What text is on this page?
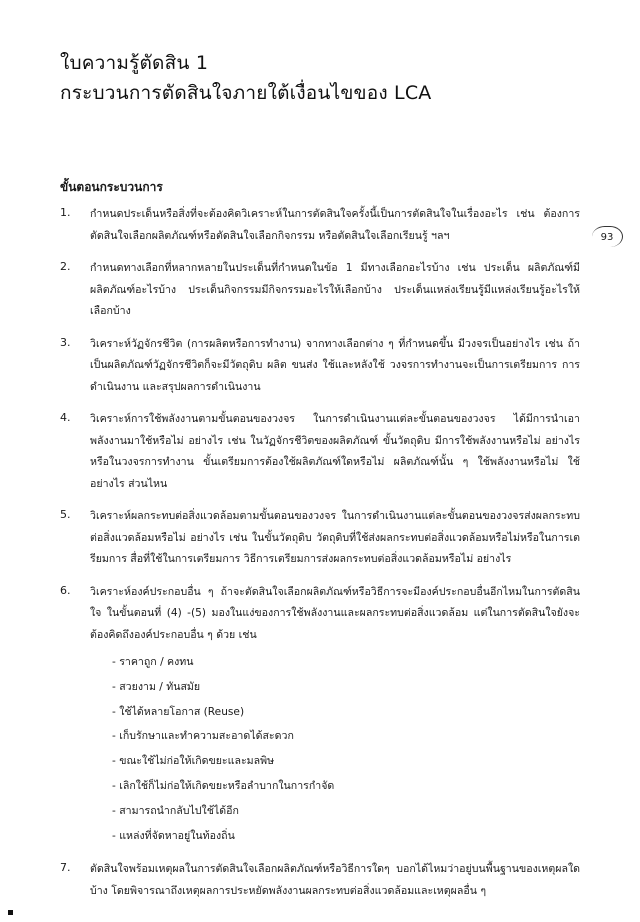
ใบความรู้ตัดสิน 1
กระบวนการตัดสินใจภายใต้เงื่อนไขของ LCA
93
ขั้นตอนกระบวนการ
1.	กำหนดประเด็นหรือสิ่งที่จะต้องคิดวิเคราะห์ในการตัดสินใจครั้งนี้เป็นการตัดสินใจในเรื่องอะไร เช่น ต้องการตัดสินใจเลือกผลิตภัณฑ์หรือตัดสินใจเลือกกิจกรรม หรือตัดสินใจเลือกเรียนรู้ ฯลฯ
2.	กำหนดทางเลือกที่หลากหลายในประเด็นที่กำหนดในข้อ 1 มีทางเลือกอะไรบ้าง เช่น ประเด็น ผลิตภัณฑ์มีผลิตภัณฑ์อะไรบ้าง ประเด็นกิจกรรมมีกิจกรรมอะไรให้เลือกบ้าง ประเด็นแหล่งเรียนรู้มีแหล่งเรียนรู้อะไรให้เลือกบ้าง
3.	วิเคราะห์วัฏจักรชีวิต (การผลิตหรือการทำงาน) จากทางเลือกต่าง ๆ ที่กำหนดขึ้น มีวงจรเป็นอย่างไร เช่น ถ้าเป็นผลิตภัณฑ์วัฏจักรชีวิตก็จะมีวัตถุดิบ ผลิต ขนส่ง ใช้และหลังใช้ วงจรการทำงานจะเป็นการเตรียมการ การดำเนินงาน และสรุปผลการดำเนินงาน
4.	วิเคราะห์การใช้พลังงานตามขั้นตอนของวงจร ในการดำเนินงานแต่ละขั้นตอนของวงจร ได้มีการนำเอาพลังงานมาใช้หรือไม่ อย่างไร เช่น ในวัฏจักรชีวิตของผลิตภัณฑ์ ขั้นวัตถุดิบ มีการใช้พลังงานหรือไม่ อย่างไร หรือในวงจรการทำงาน ขั้นเตรียมการต้องใช้ผลิตภัณฑ์ใดหรือไม่ ผลิตภัณฑ์นั้น ๆ ใช้พลังงานหรือไม่ ใช้อย่างไร ส่วนไหน
5.	วิเคราะห์ผลกระทบต่อสิ่งแวดล้อมตามขั้นตอนของวงจร ในการดำเนินงานแต่ละขั้นตอนของวงจรส่งผลกระทบต่อสิ่งแวดล้อมหรือไม่ อย่างไร เช่น ในขั้นวัตถุดิบ วัตถุดิบที่ใช้ส่งผลกระทบต่อสิ่งแวดล้อมหรือไม่หรือในการเตรียมการ สื่อที่ใช้ในการเตรียมการ วิธีการเตรียมการส่งผลกระทบต่อสิ่งแวดล้อมหรือไม่ อย่างไร
6.	วิเคราะห์องค์ประกอบอื่น ๆ ถ้าจะตัดสินใจเลือกผลิตภัณฑ์หรือวิธีการจะมีองค์ประกอบอื่นอีกไหมในการตัดสินใจ ในขั้นตอนที่ (4) -(5) มองในแง่ของการใช้พลังงานและผลกระทบต่อสิ่งแวดล้อม แต่ในการตัดสินใจยังจะต้องคิดถึงองค์ประกอบอื่น ๆ ด้วย เช่น
- ราคาถูก / คงทน
- สวยงาม / ทันสมัย
- ใช้ได้หลายโอกาส (Reuse)
- เก็บรักษาและทำความสะอาดได้สะดวก
- ขณะใช้ไม่ก่อให้เกิดขยะและมลพิษ
- เลิกใช้ก็ไม่ก่อให้เกิดขยะหรือลำบากในการกำจัด
- สามารถนำกลับไปใช้ได้อีก
- แหล่งที่จัดหาอยู่ในท้องถิ่น
7.	ตัดสินใจพร้อมเหตุผลในการตัดสินใจเลือกผลิตภัณฑ์หรือวิธีการใดๆ บอกได้ไหมว่าอยู่บนพื้นฐานของเหตุผลใดบ้าง โดยพิจารณาถึงเหตุผลการประหยัดพลังงานผลกระทบต่อสิ่งแวดล้อมและเหตุผลอื่น ๆ
